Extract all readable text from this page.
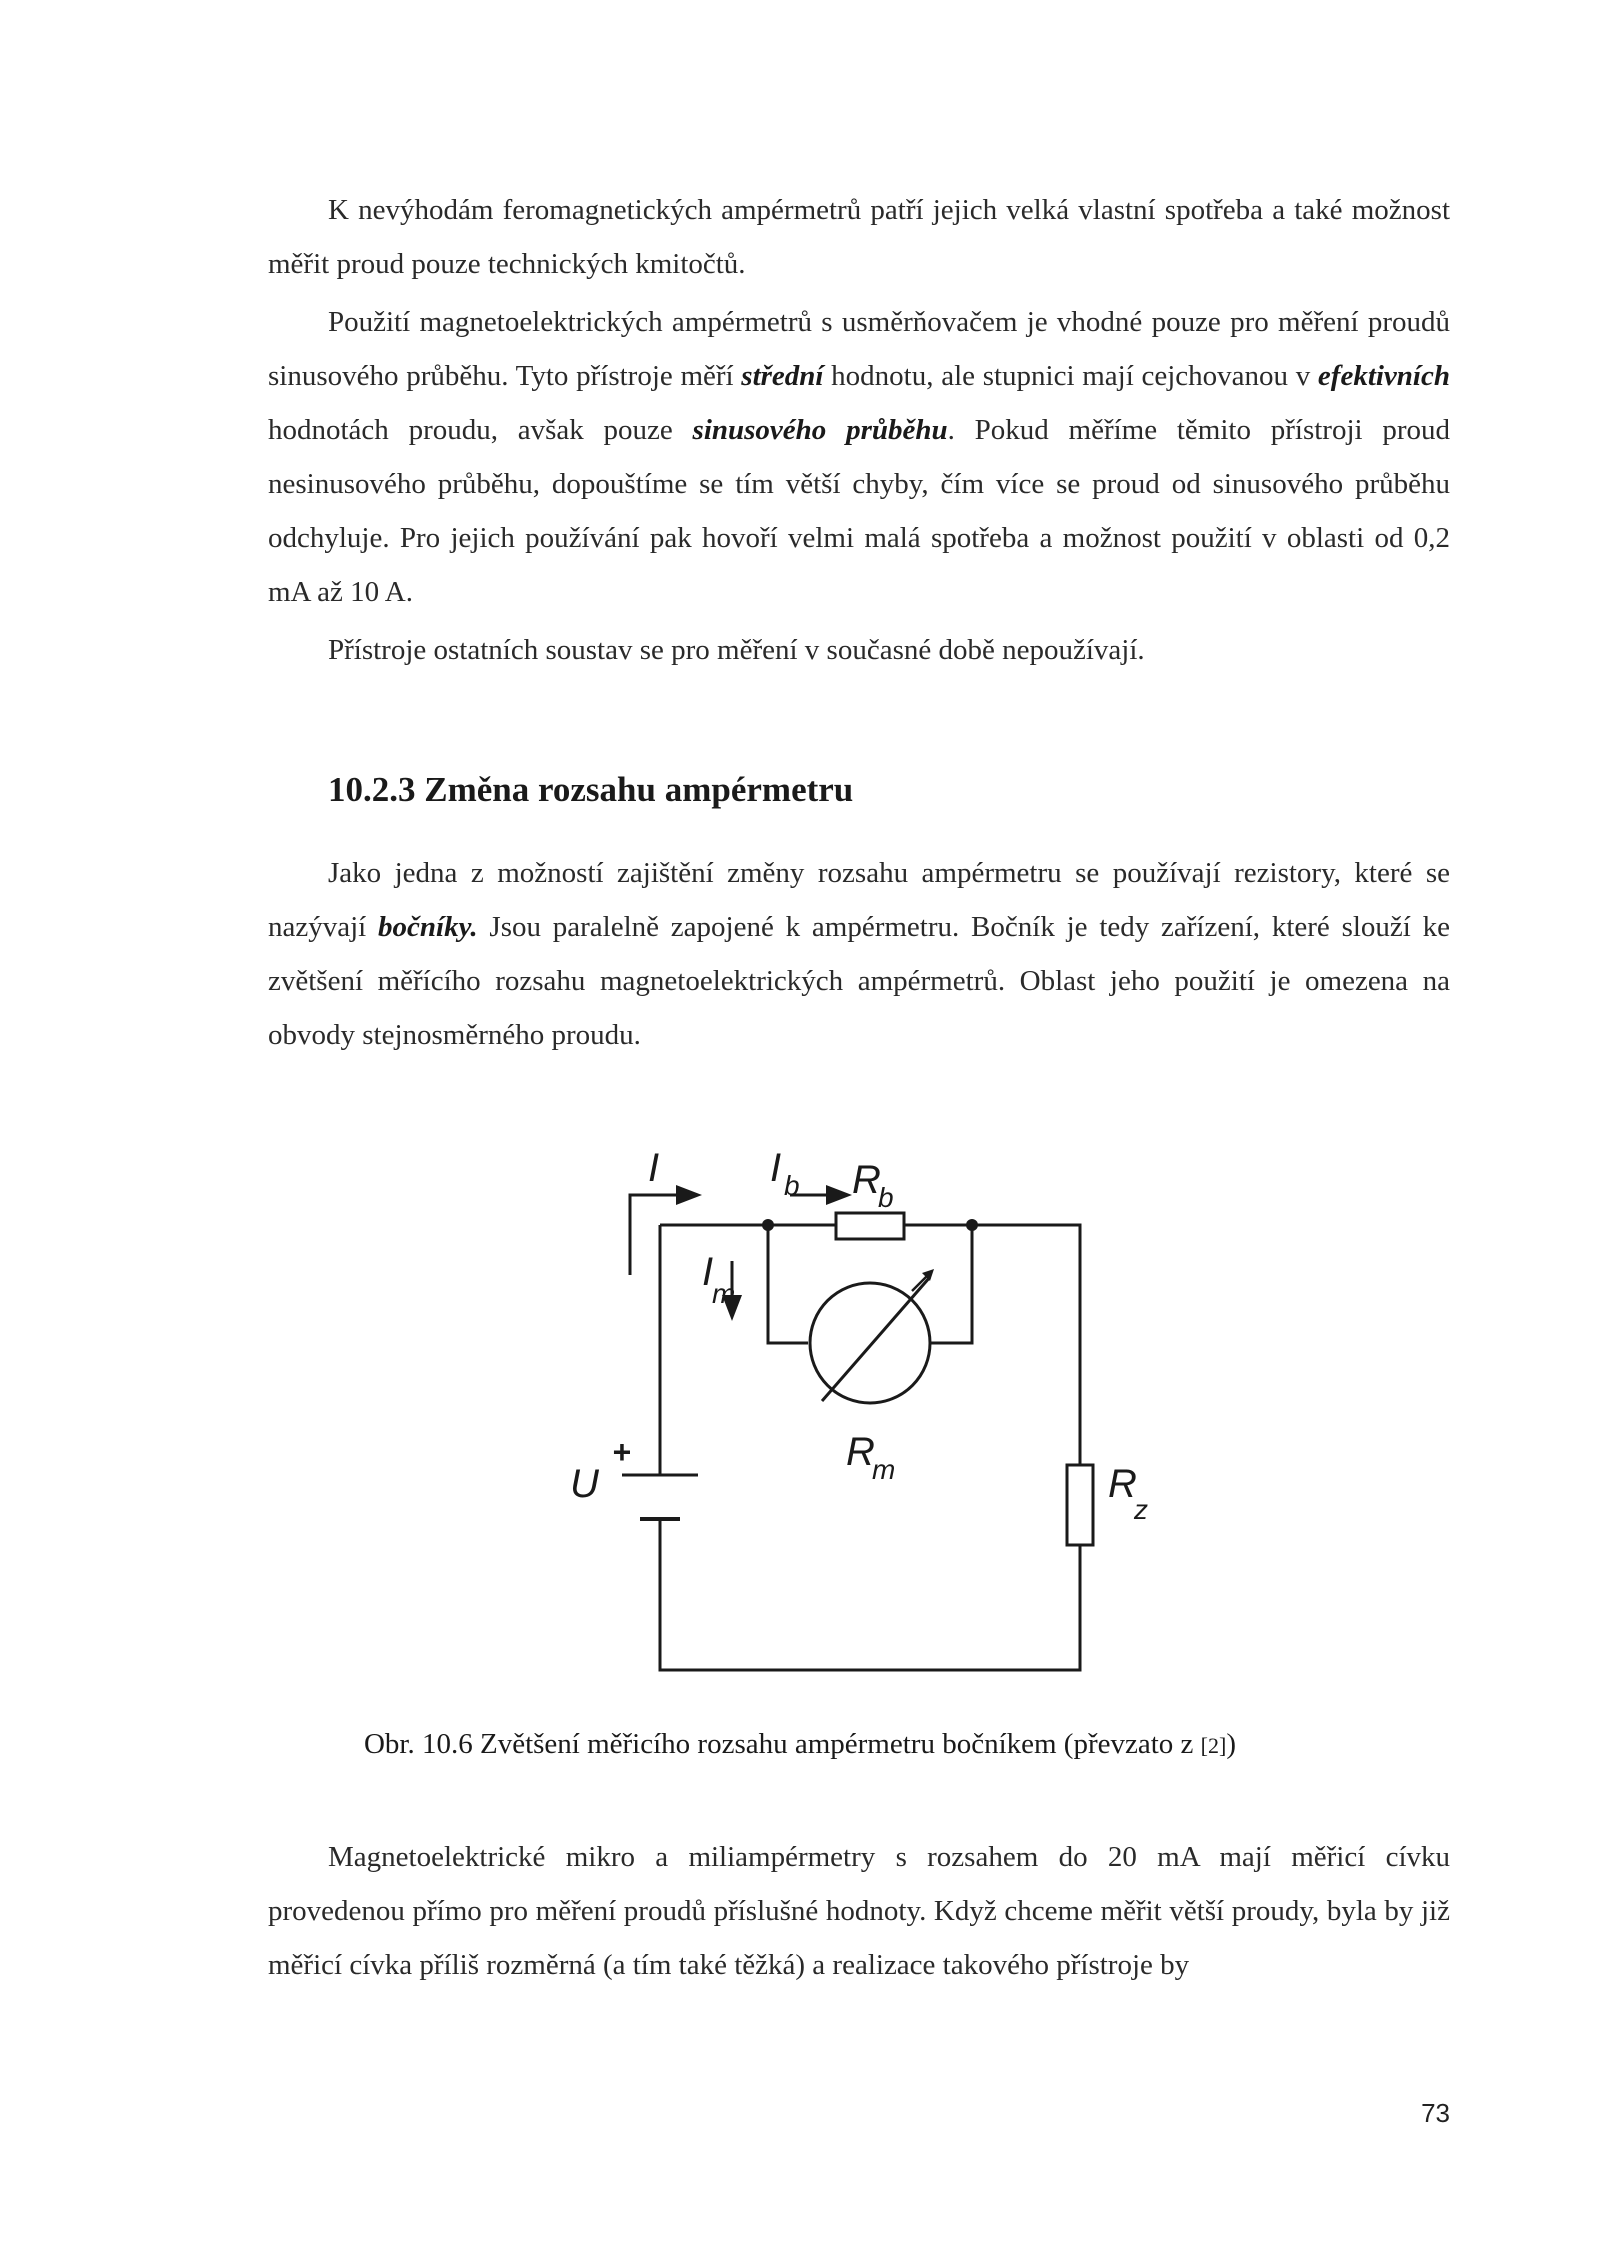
K nevýhodám feromagnetických ampérmetrů patří jejich velká vlastní spotřeba a také možnost měřit proud pouze technických kmitočtů.

Použití magnetoelektrických ampérmetrů s usměrňovačem je vhodné pouze pro měření proudů sinusového průběhu. Tyto přístroje měří střední hodnotu, ale stupnici mají cejchovanou v efektivních hodnotách proudu, avšak pouze sinusového průběhu. Pokud měříme těmito přístroji proud nesinusového průběhu, dopouštíme se tím větší chyby, čím více se proud od sinusového průběhu odchyluje. Pro jejich používání pak hovoří velmi malá spotřeba a možnost použití v oblasti od 0,2 mA až 10 A.

Přístroje ostatních soustav se pro měření v současné době nepoužívají.

10.2.3 Změna rozsahu ampérmetru

Jako jedna z možností zajištění změny rozsahu ampérmetru se používají rezistory, které se nazývají bočníky. Jsou paralelně zapojené k ampérmetru. Bočník je tedy zařízení, které slouží ke zvětšení měřícího rozsahu magnetoelektrických ampérmetrů. Oblast jeho použití je omezena na obvody stejnosměrného proudu.

I	I b R
b
I
m
R
m
U
+
R
z
Obr. 10.6 Zvětšení měřicího rozsahu ampérmetru bočníkem (převzato z [2])

Magnetoelektrické mikro a miliampérmetry s rozsahem do 20 mA mají měřicí cívku provedenou přímo pro měření proudů příslušné hodnoty. Když chceme měřit větší proudy, byla by již měřicí cívka příliš rozměrná (a tím také těžká) a realizace takového přístroje by

73
